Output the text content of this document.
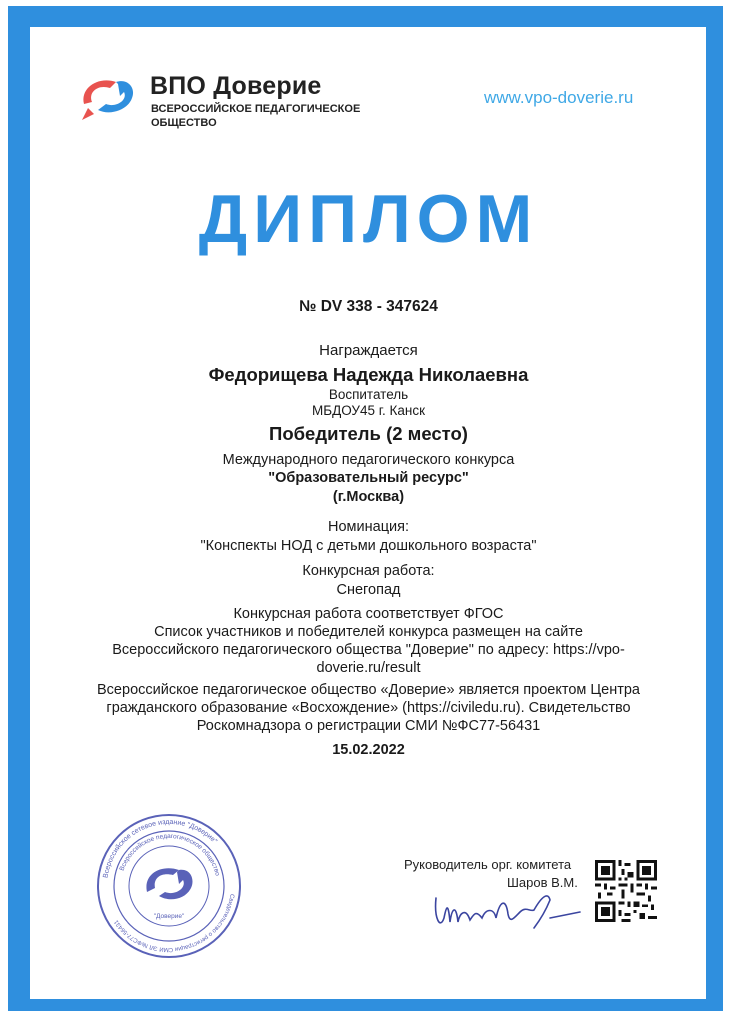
ВПО Доверие
ВСЕРОССИЙСКОЕ ПЕДАГОГИЧЕСКОЕ
ОБЩЕСТВО
www.vpo-doverie.ru
ДИПЛОМ
№ DV 338 - 347624
Награждается
Федорищева Надежда Николаевна
Воспитатель
МБДОУ45 г. Канск
Победитель (2 место)
Международного педагогического конкурса
"Образовательный ресурс"
(г.Москва)
Номинация:
"Конспекты НОД с детьми дошкольного возраста"
Конкурсная работа:
Снегопад
Конкурсная работа соответствует ФГОС
Список участников и победителей конкурса размещен на сайте
Всероссийского педагогического общества "Доверие" по адресу: https://vpo-
doverie.ru/result
Всероссийское педагогическое общество «Доверие» является проектом Центра
гражданского образование «Восхождение» (https://civiledu.ru). Свидетельство
Роскомнадзора о регистрации СМИ №ФС77-56431
15.02.2022
Всероссийское сетевое издание "Доверие"
Свидетельство о регистрации СМИ ЭЛ №ФС77-56431
Всероссийское педагогическое общество
"Доверие"
Руководитель орг. комитета
Шаров В.М.
